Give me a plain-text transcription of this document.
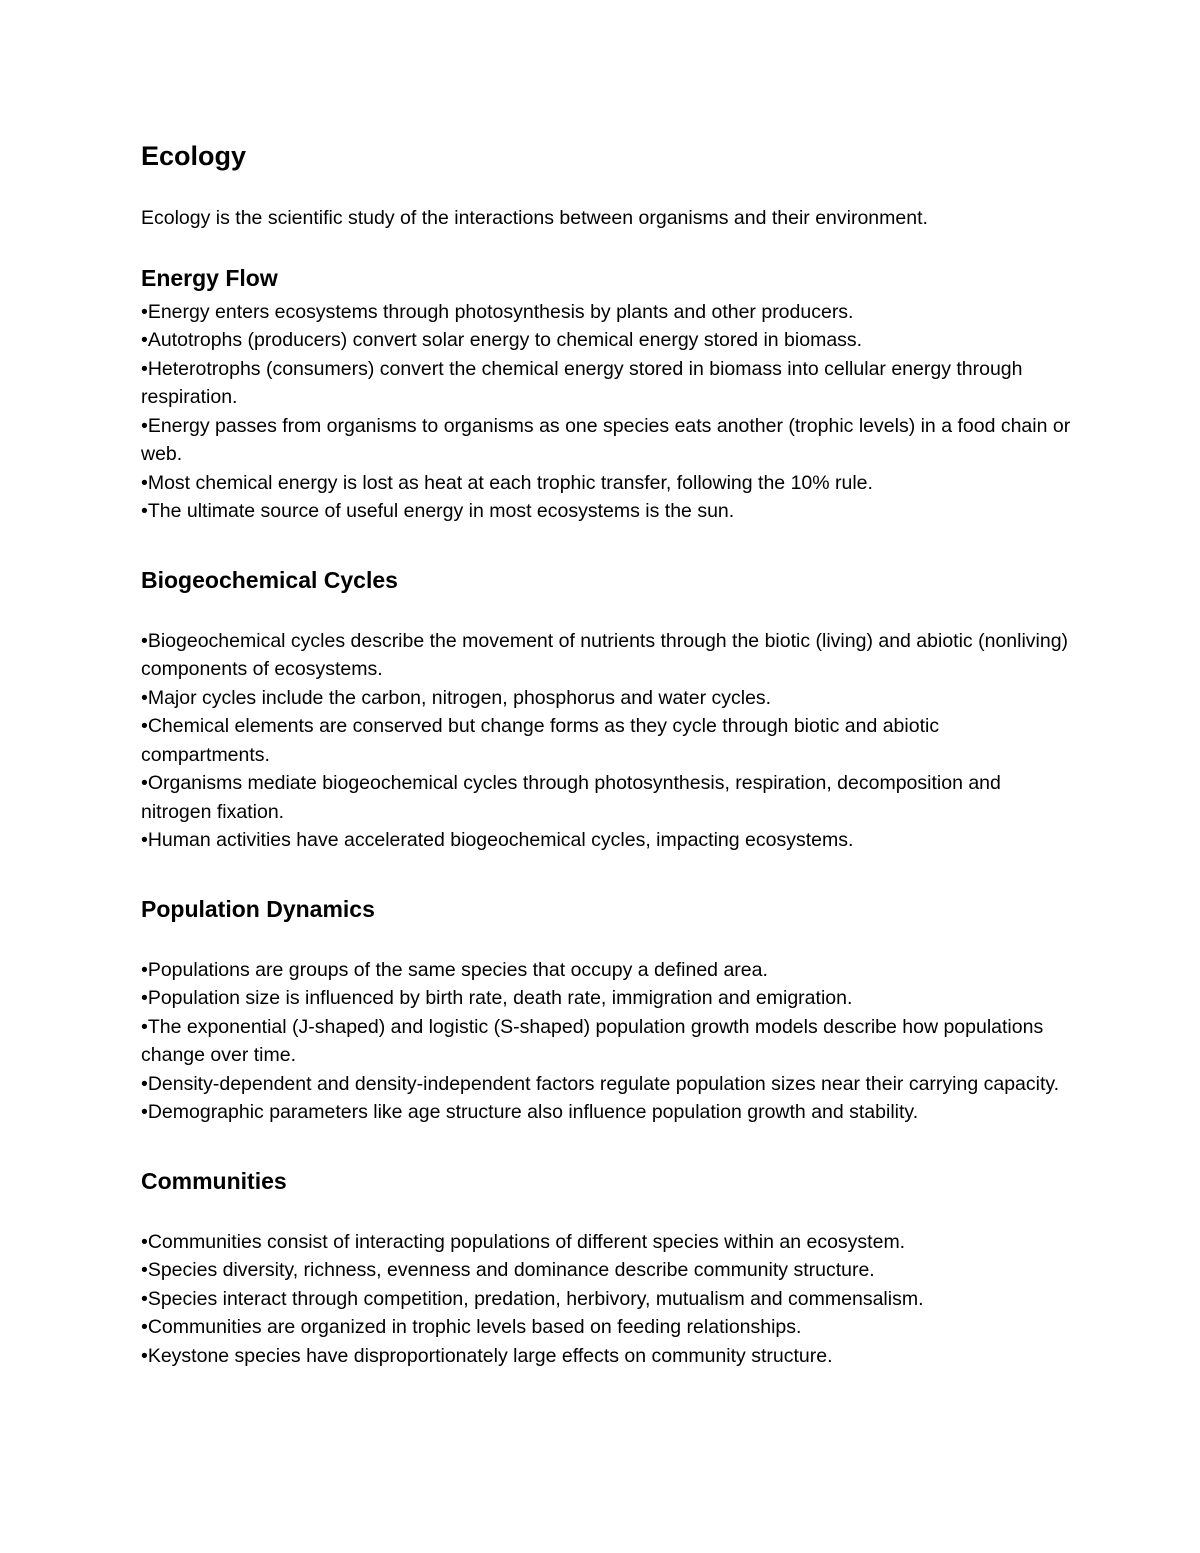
Ecology

Ecology is the scientific study of the interactions between organisms and their environment.

Energy Flow
• Energy enters ecosystems through photosynthesis by plants and other producers.
• Autotrophs (producers) convert solar energy to chemical energy stored in biomass.
• Heterotrophs (consumers) convert the chemical energy stored in biomass into cellular energy through respiration.
• Energy passes from organisms to organisms as one species eats another (trophic levels) in a food chain or web.
• Most chemical energy is lost as heat at each trophic transfer, following the 10% rule.
• The ultimate source of useful energy in most ecosystems is the sun.
Biogeochemical Cycles
• Biogeochemical cycles describe the movement of nutrients through the biotic (living) and abiotic (nonliving) components of ecosystems.
• Major cycles include the carbon, nitrogen, phosphorus and water cycles.
• Chemical elements are conserved but change forms as they cycle through biotic and abiotic compartments.
• Organisms mediate biogeochemical cycles through photosynthesis, respiration, decomposition and nitrogen fixation.
• Human activities have accelerated biogeochemical cycles, impacting ecosystems.
Population Dynamics
• Populations are groups of the same species that occupy a defined area.
• Population size is influenced by birth rate, death rate, immigration and emigration.
• The exponential (J-shaped) and logistic (S-shaped) population growth models describe how populations change over time.
• Density-dependent and density-independent factors regulate population sizes near their carrying capacity.
• Demographic parameters like age structure also influence population growth and stability.
Communities
• Communities consist of interacting populations of different species within an ecosystem.
• Species diversity, richness, evenness and dominance describe community structure.
• Species interact through competition, predation, herbivory, mutualism and commensalism.
• Communities are organized in trophic levels based on feeding relationships.
• Keystone species have disproportionately large effects on community structure.
